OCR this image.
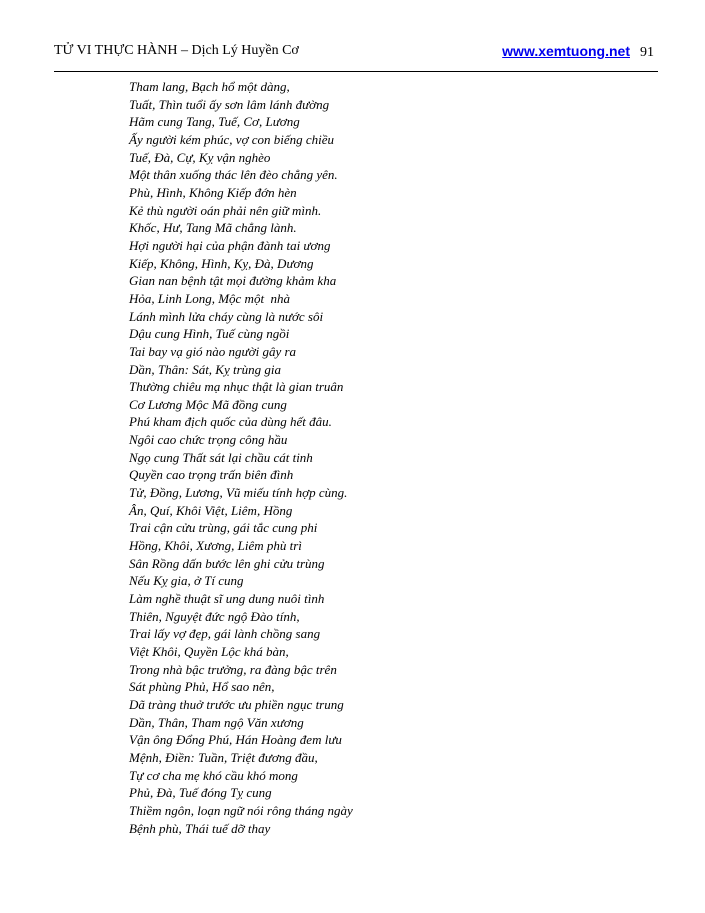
TỬ VI THỰC HÀNH – Dịch Lý Huyền Cơ	www.xemtuong.net 91
Tham lang, Bạch hổ một dàng,
Tuất, Thìn tuổi ấy sơn lâm lánh đường
Hãm cung Tang, Tuế, Cơ, Lương
Ấy người kém phúc, vợ con biếng chiều
Tuế, Đà, Cự, Kỵ vận nghèo
Một thân xuống thác lên đèo chẳng yên.
Phù, Hình, Không Kiếp đớn hèn
Kẻ thù người oán phải nên giữ mình.
Khốc, Hư, Tang Mã chẳng lành.
Hợi người hại của phận đành tai ương
Kiếp, Không, Hình, Kỵ, Đà, Dương
Gian nan bệnh tật mọi đường khảm kha
Hỏa, Linh Long, Mộc một  nhà
Lánh mình lửa cháy cùng là nước sôi
Dậu cung Hình, Tuế cùng ngồi
Tai bay vạ gió nào người gây ra
Dần, Thân: Sát, Kỵ trùng gia
Thường chiêu mạ nhục thật là gian truân
Cơ Lương Mộc Mã đồng cung
Phú kham địch quốc của dùng hết đâu.
Ngôi cao chức trọng công hầu
Ngọ cung Thất sát lại chầu cát tinh
Quyền cao trọng trấn biên đình
Tử, Đồng, Lương, Vũ miếu tính hợp cùng.
Ân, Quí, Khôi Việt, Liêm, Hồng
Trai cận cửu trùng, gái tắc cung phi
Hồng, Khôi, Xương, Liêm phù trì
Sân Rồng dấn bước lên ghi cửu trùng
Nếu Kỵ gia, ở Tí cung
Làm nghề thuật sĩ ung dung nuôi tình
Thiên, Nguyệt đức ngộ Đào tính,
Trai lấy vợ đẹp, gái lành chồng sang
Việt Khôi, Quyền Lộc khá bàn,
Trong nhà bậc trưởng, ra đàng bậc trên
Sát phùng Phủ, Hổ sao nên,
Dã tràng thuở trước ưu phiền ngục trung
Dần, Thân, Tham ngộ Văn xương
Vận ông Đổng Phú, Hán Hoàng đem lưu
Mệnh, Điền: Tuần, Triệt đương đầu,
Tự cơ cha mẹ khó cầu khó mong
Phủ, Đà, Tuế đóng Tỵ cung
Thiềm ngôn, loạn ngữ nói rông tháng ngày
Bệnh phù, Thái tuế dỡ thay
